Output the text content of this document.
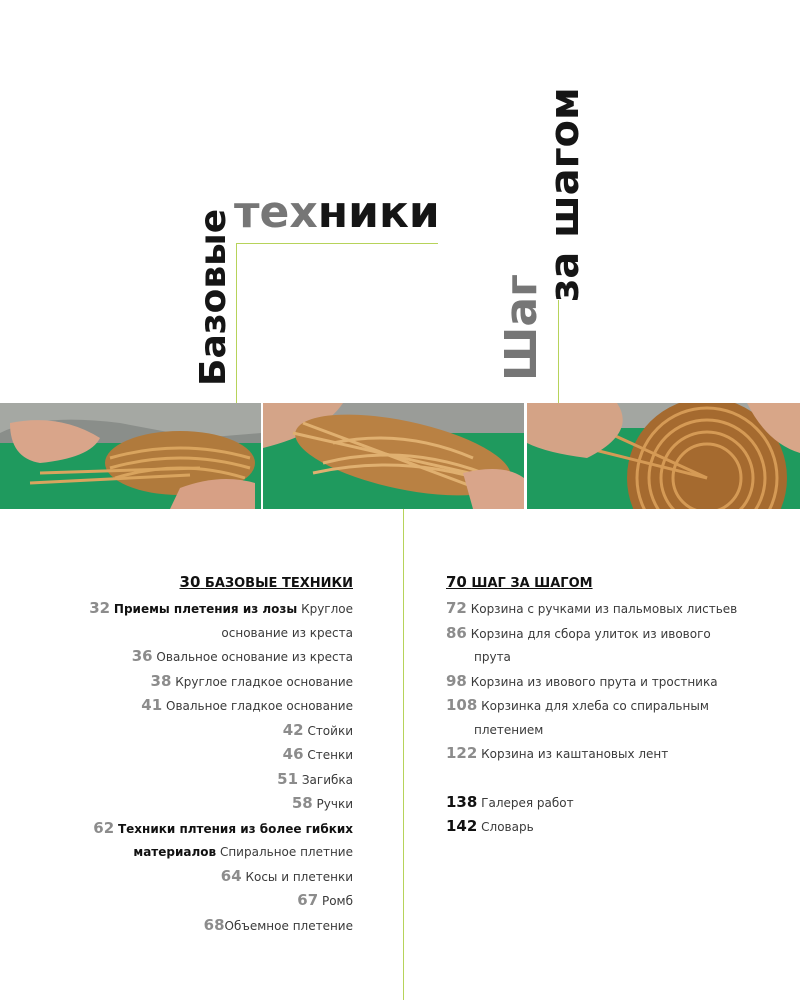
техники
Базовые	Шаг
за шагом
30 БАЗОВЫЕ ТЕХНИКИ
32 Приемы плетения из лозы Круглое
основание из креста
36 Овальное основание из креста
38 Круглое гладкое основание
41 Овальное гладкое основание
42 Стойки
46 Стенки
51 Загибка
58 Ручки
62 Техники плтения из более гибких
материалов Спиральное плетние
64 Косы и плетенки
67 Ромб
68Объемное плетение
70 ШАГ ЗА ШАГОМ
72 Корзина с ручками из пальмовых листьев
86 Корзина для сбора улиток из ивового
прута
98 Корзина из ивового прута и тростника
108 Корзинка для хлеба со спиральным
плетением
122 Корзина из каштановых лент
138 Галерея работ
142 Словарь
